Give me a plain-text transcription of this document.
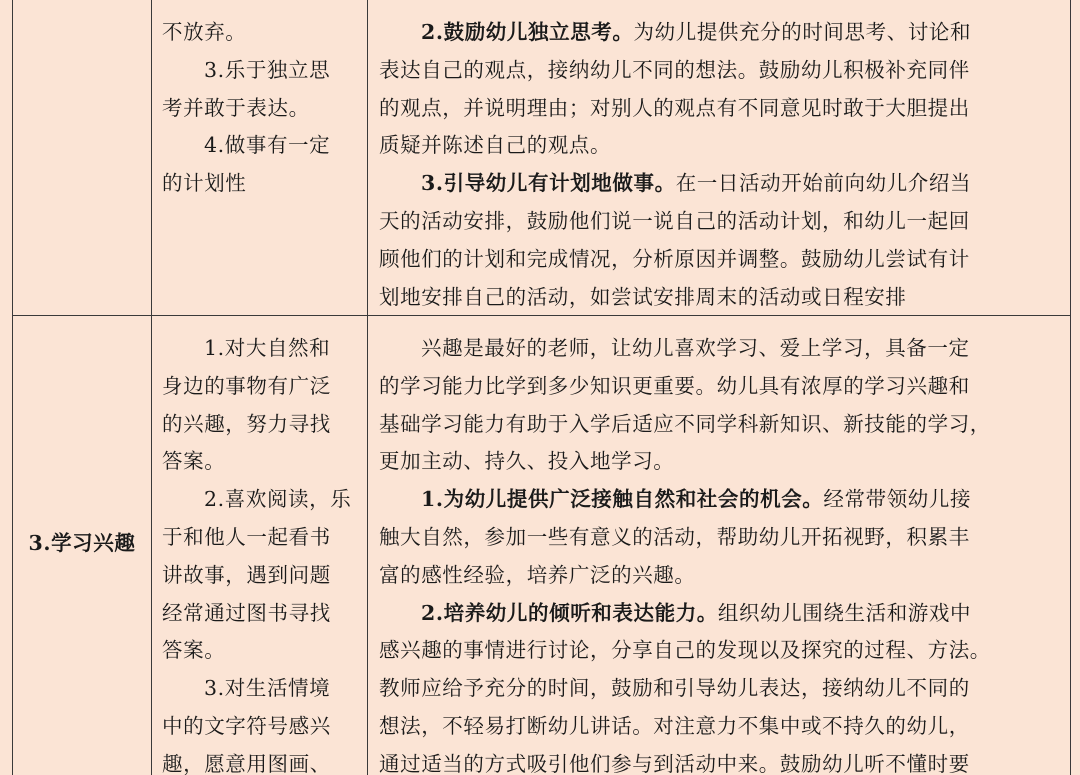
不放弃。
3.乐于独立思
考并敢于表达。
4.做事有一定
的计划性
2.鼓励幼儿独立思考。为幼儿提供充分的时间思考、讨论和
表达自己的观点，接纳幼儿不同的想法。鼓励幼儿积极补充同伴
的观点，并说明理由；对别人的观点有不同意见时敢于大胆提出
质疑并陈述自己的观点。
3.引导幼儿有计划地做事。在一日活动开始前向幼儿介绍当
天的活动安排，鼓励他们说一说自己的活动计划，和幼儿一起回
顾他们的计划和完成情况，分析原因并调整。鼓励幼儿尝试有计
划地安排自己的活动，如尝试安排周末的活动或日程安排
3.学习兴趣
1.对大自然和
身边的事物有广泛
的兴趣，努力寻找
答案。
2.喜欢阅读，乐
于和他人一起看书
讲故事，遇到问题
经常通过图书寻找
答案。
3.对生活情境
中的文字符号感兴
趣，愿意用图画、
兴趣是最好的老师，让幼儿喜欢学习、爱上学习，具备一定
的学习能力比学到多少知识更重要。幼儿具有浓厚的学习兴趣和
基础学习能力有助于入学后适应不同学科新知识、新技能的学习，
更加主动、持久、投入地学习。
1.为幼儿提供广泛接触自然和社会的机会。经常带领幼儿接
触大自然，参加一些有意义的活动，帮助幼儿开拓视野，积累丰
富的感性经验，培养广泛的兴趣。
2.培养幼儿的倾听和表达能力。组织幼儿围绕生活和游戏中
感兴趣的事情进行讨论，分享自己的发现以及探究的过程、方法。
教师应给予充分的时间，鼓励和引导幼儿表达，接纳幼儿不同的
想法，不轻易打断幼儿讲话。对注意力不集中或不持久的幼儿，
通过适当的方式吸引他们参与到活动中来。鼓励幼儿听不懂时要
